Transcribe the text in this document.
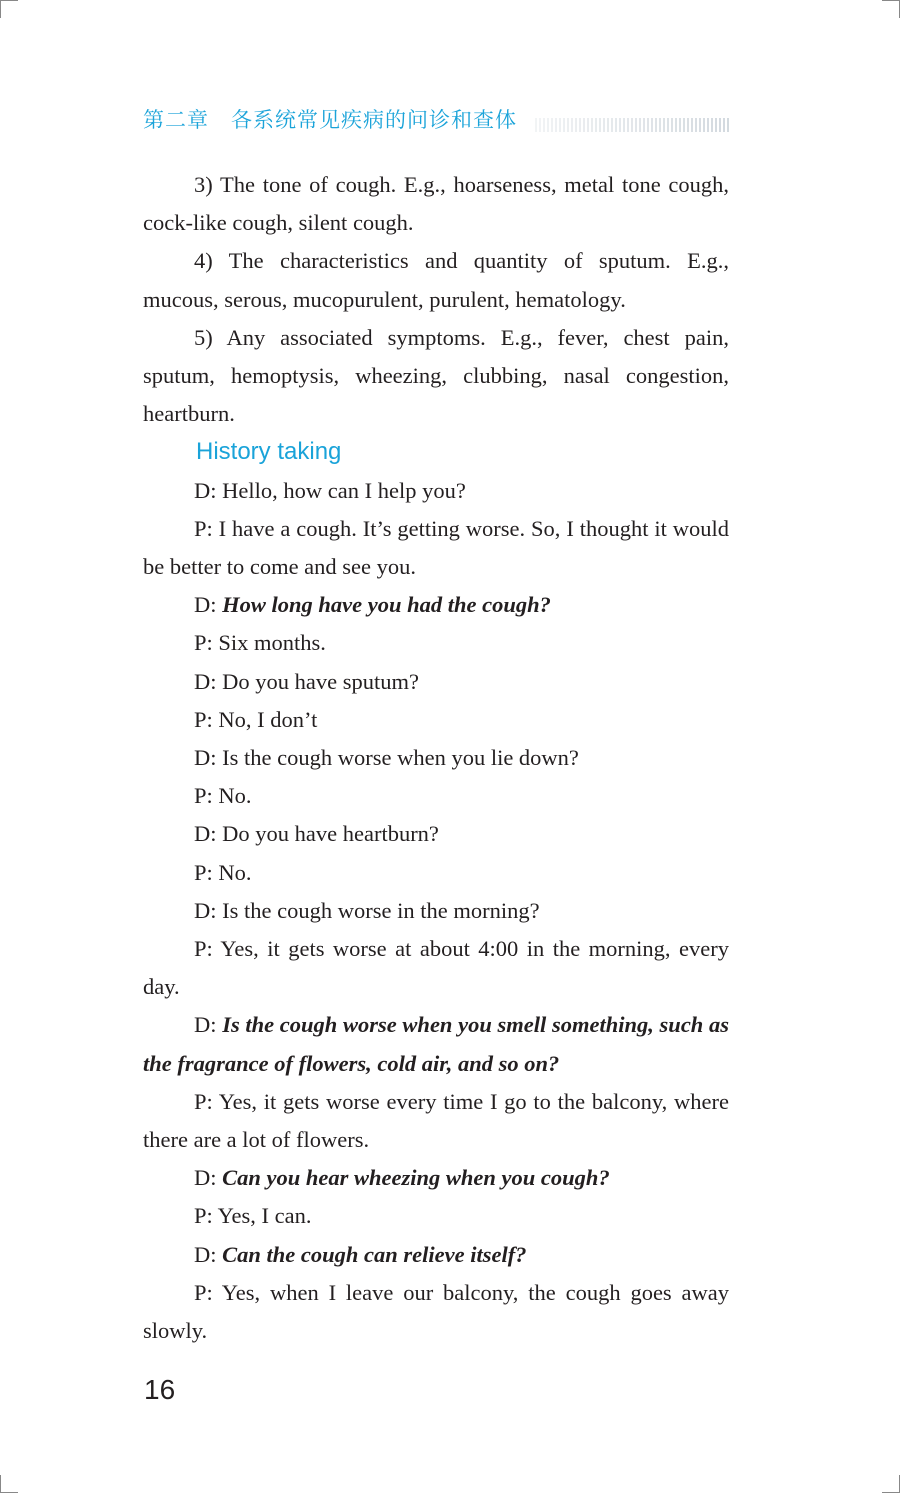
第二章　各系统常见疾病的问诊和查体

3) The tone of cough. E.g., hoarseness, metal tone cough, cock-like cough, silent cough.

4) The characteristics and quantity of sputum. E.g., mucous, serous, mucopurulent, purulent, hematology.

5) Any associated symptoms. E.g., fever, chest pain, sputum, hemoptysis, wheezing, clubbing, nasal congestion, heartburn.

History taking

D: Hello, how can I help you?

P: I have a cough. It’s getting worse. So, I thought it would be better to come and see you.

D: How long have you had the cough?

P: Six months.

D: Do you have sputum?

P: No, I don’t

D: Is the cough worse when you lie down?

P: No.

D: Do you have heartburn?

P: No.

D: Is the cough worse in the morning?

P: Yes, it gets worse at about 4:00 in the morning, every day.

D: Is the cough worse when you smell something, such as the fragrance of flowers, cold air, and so on?

P: Yes, it gets worse every time I go to the balcony, where there are a lot of flowers.

D: Can you hear wheezing when you cough?

P: Yes, I can.

D: Can the cough can relieve itself?

P: Yes, when I leave our balcony, the cough goes away slowly.

16
